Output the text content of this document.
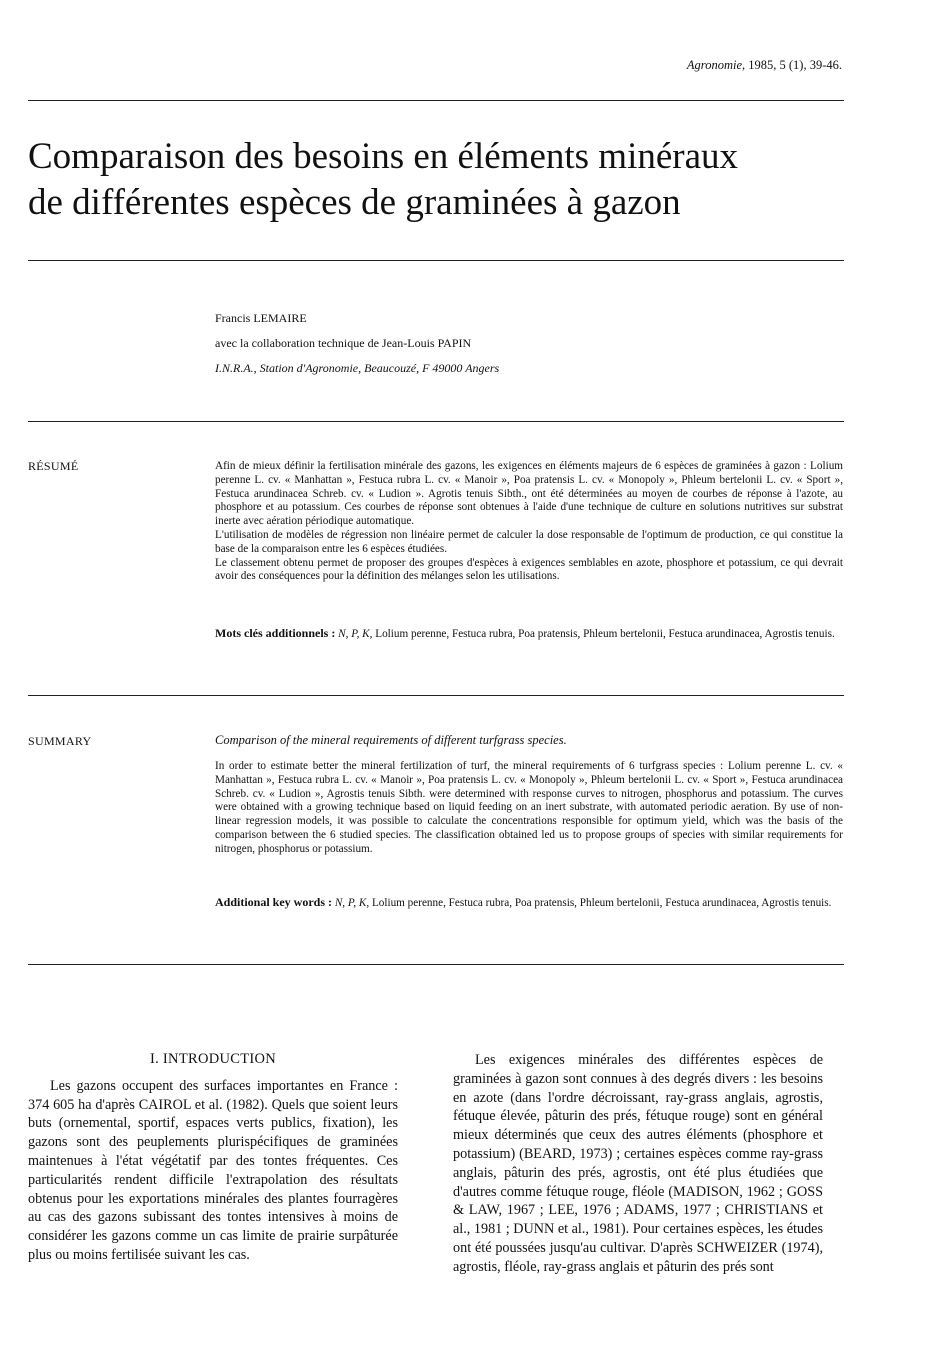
Agronomie, 1985, 5 (1), 39-46.
Comparaison des besoins en éléments minéraux
de différentes espèces de graminées à gazon
Francis LEMAIRE
avec la collaboration technique de Jean-Louis PAPIN
I.N.R.A., Station d'Agronomie, Beaucouzé, F 49000 Angers
RÉSUMÉ	Afin de mieux définir la fertilisation minérale des gazons, les exigences en éléments majeurs de 6 espèces de graminées à gazon : Lolium perenne L. cv. « Manhattan », Festuca rubra L. cv. « Manoir », Poa pratensis L. cv. « Monopoly », Phleum bertelonii L. cv. « Sport », Festuca arundinacea Schreb. cv. « Ludion ». Agrotis tenuis Sibth., ont été déterminées au moyen de courbes de réponse à l'azote, au phosphore et au potassium. Ces courbes de réponse sont obtenues à l'aide d'une technique de culture en solutions nutritives sur substrat inerte avec aération périodique automatique.

L'utilisation de modèles de régression non linéaire permet de calculer la dose responsable de l'optimum de production, ce qui constitue la base de la comparaison entre les 6 espèces étudiées.

Le classement obtenu permet de proposer des groupes d'espèces à exigences semblables en azote, phosphore et potassium, ce qui devrait avoir des conséquences pour la définition des mélanges selon les utilisations.

Mots clés additionnels : N, P, K, Lolium perenne, Festuca rubra, Poa pratensis, Phleum bertelonii, Festuca arundinacea, Agrostis tenuis.
SUMMARY	Comparison of the mineral requirements of different turfgrass species.

In order to estimate better the mineral fertilization of turf, the mineral requirements of 6 turfgrass species : Lolium perenne L. cv. « Manhattan », Festuca rubra L. cv. « Manoir », Poa pratensis L. cv. « Monopoly », Phleum bertelonii L. cv. « Sport », Festuca arundinacea Schreb. cv. « Ludion », Agrostis tenuis Sibth. were determined with response curves to nitrogen, phosphorus and potassium. The curves were obtained with a growing technique based on liquid feeding on an inert substrate, with automated periodic aeration. By use of non-linear regression models, it was possible to calculate the concentrations responsible for optimum yield, which was the basis of the comparison between the 6 studied species. The classification obtained led us to propose groups of species with similar requirements for nitrogen, phosphorus or potassium.

Additional key words : N, P, K, Lolium perenne, Festuca rubra, Poa pratensis, Phleum bertelonii, Festuca arundinacea, Agrostis tenuis.
I. INTRODUCTION

Les gazons occupent des surfaces importantes en France : 374 605 ha d'après CAIROL et al. (1982). Quels que soient leurs buts (ornemental, sportif, espaces verts publics, fixation), les gazons sont des peuplements plurispécifiques de graminées maintenues à l'état végétatif par des tontes fréquentes. Ces particularités rendent difficile l'extrapolation des résultats obtenus pour les exportations minérales des plantes fourragères au cas des gazons subissant des tontes intensives à moins de considérer les gazons comme un cas limite de prairie surpâturée plus ou moins fertilisée suivant les cas.

Les exigences minérales des différentes espèces de graminées à gazon sont connues à des degrés divers : les besoins en azote (dans l'ordre décroissant, ray-grass anglais, agrostis, fétuque élevée, pâturin des prés, fétuque rouge) sont en général mieux déterminés que ceux des autres éléments (phosphore et potassium) (BEARD, 1973) ; certaines espèces comme ray-grass anglais, pâturin des prés, agrostis, ont été plus étudiées que d'autres comme fétuque rouge, fléole (MADISON, 1962 ; GOSS & LAW, 1967 ; LEE, 1976 ; ADAMS, 1977 ; CHRISTIANS et al., 1981 ; DUNN et al., 1981). Pour certaines espèces, les études ont été poussées jusqu'au cultivar. D'après SCHWEIZER (1974), agrostis, fléole, ray-grass anglais et pâturin des prés sont
